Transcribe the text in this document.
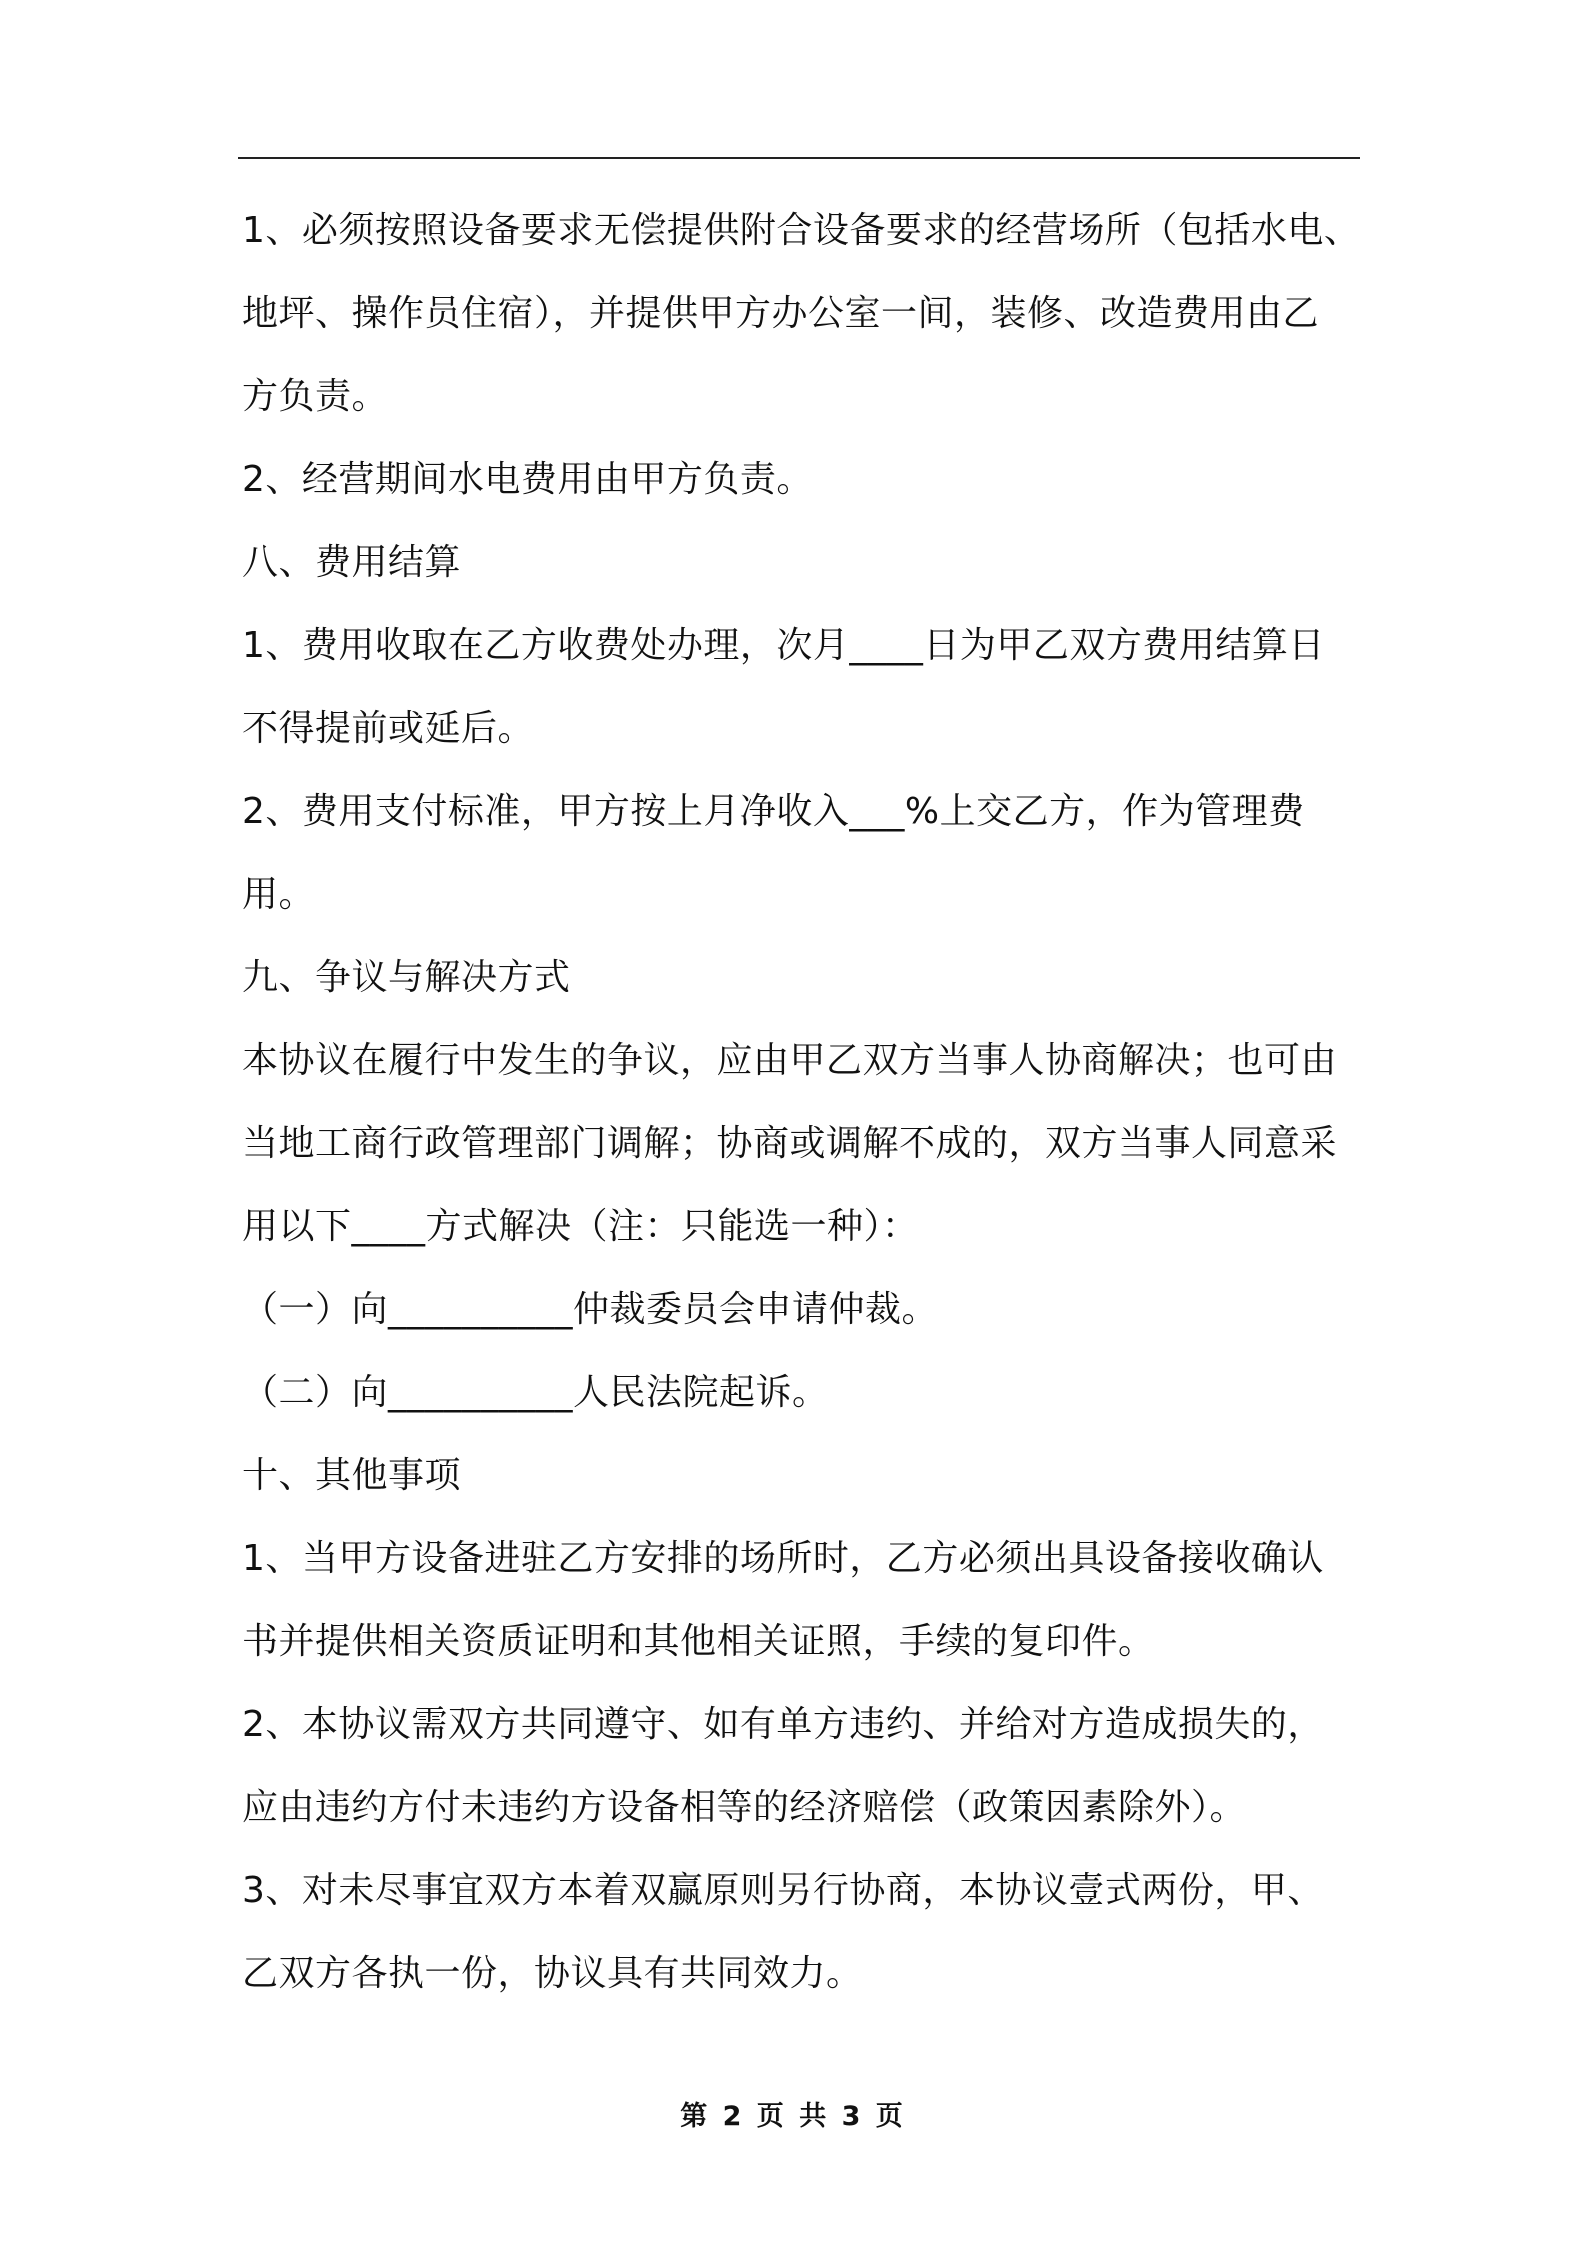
1、必须按照设备要求无偿提供附合设备要求的经营场所（包括水电、

地坪、操作员住宿），并提供甲方办公室一间，装修、改造费用由乙

方负责。

2、经营期间水电费用由甲方负责。

八、费用结算

1、费用收取在乙方收费处办理，次月____日为甲乙双方费用结算日

不得提前或延后。

2、费用支付标准，甲方按上月净收入___%上交乙方，作为管理费

用。

九、争议与解决方式

本协议在履行中发生的争议，应由甲乙双方当事人协商解决；也可由

当地工商行政管理部门调解；协商或调解不成的，双方当事人同意采

用以下____方式解决（注：只能选一种）：

（一）向__________仲裁委员会申请仲裁。

（二）向__________人民法院起诉。

十、其他事项

1、当甲方设备进驻乙方安排的场所时，乙方必须出具设备接收确认

书并提供相关资质证明和其他相关证照，手续的复印件。

2、本协议需双方共同遵守、如有单方违约、并给对方造成损失的，

应由违约方付未违约方设备相等的经济赔偿（政策因素除外）。

3、对未尽事宜双方本着双赢原则另行协商，本协议壹式两份，甲、

乙双方各执一份，协议具有共同效力。

第 2 页 共 3 页
